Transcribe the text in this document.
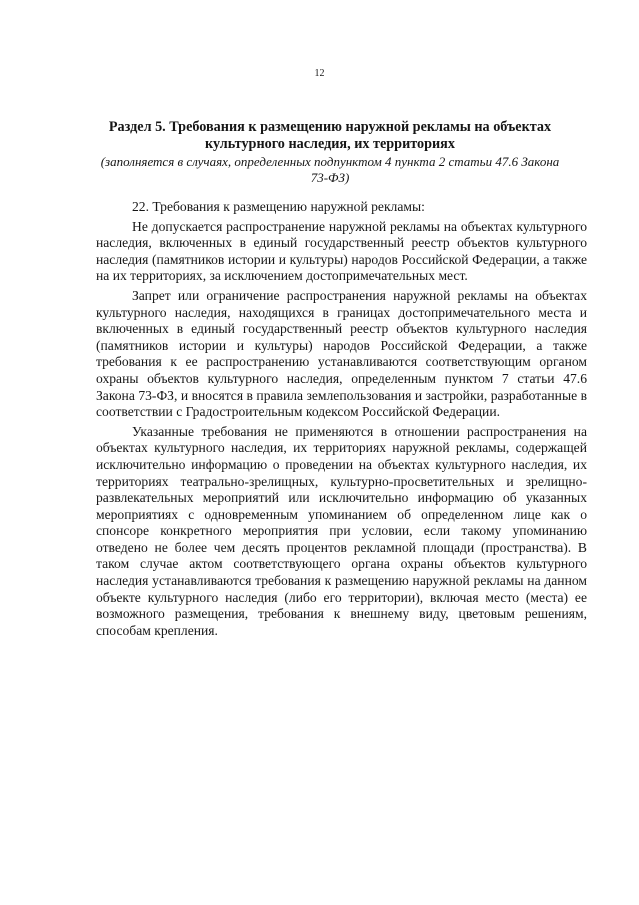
12
Раздел 5. Требования к размещению наружной рекламы на объектах культурного наследия, их территориях
(заполняется в случаях, определенных подпунктом 4 пункта 2 статьи 47.6 Закона 73-ФЗ)

22. Требования к размещению наружной рекламы:

Не допускается распространение наружной рекламы на объектах культурного наследия, включенных в единый государственный реестр объектов культурного наследия (памятников истории и культуры) народов Российской Федерации, а также на их территориях, за исключением достопримечательных мест.

Запрет или ограничение распространения наружной рекламы на объектах культурного наследия, находящихся в границах достопримечательного места и включенных в единый государственный реестр объектов культурного наследия (памятников истории и культуры) народов Российской Федерации, а также требования к ее распространению устанавливаются соответствующим органом охраны объектов культурного наследия, определенным пунктом 7 статьи 47.6 Закона 73-ФЗ, и вносятся в правила землепользования и застройки, разработанные в соответствии с Градостроительным кодексом Российской Федерации.

Указанные требования не применяются в отношении распространения на объектах культурного наследия, их территориях наружной рекламы, содержащей исключительно информацию о проведении на объектах культурного наследия, их территориях театрально-зрелищных, культурно-просветительных и зрелищно-развлекательных мероприятий или исключительно информацию об указанных мероприятиях с одновременным упоминанием об определенном лице как о спонсоре конкретного мероприятия при условии, если такому упоминанию отведено не более чем десять процентов рекламной площади (пространства). В таком случае актом соответствующего органа охраны объектов культурного наследия устанавливаются требования к размещению наружной рекламы на данном объекте культурного наследия (либо его территории), включая место (места) ее возможного размещения, требования к внешнему виду, цветовым решениям, способам крепления.
